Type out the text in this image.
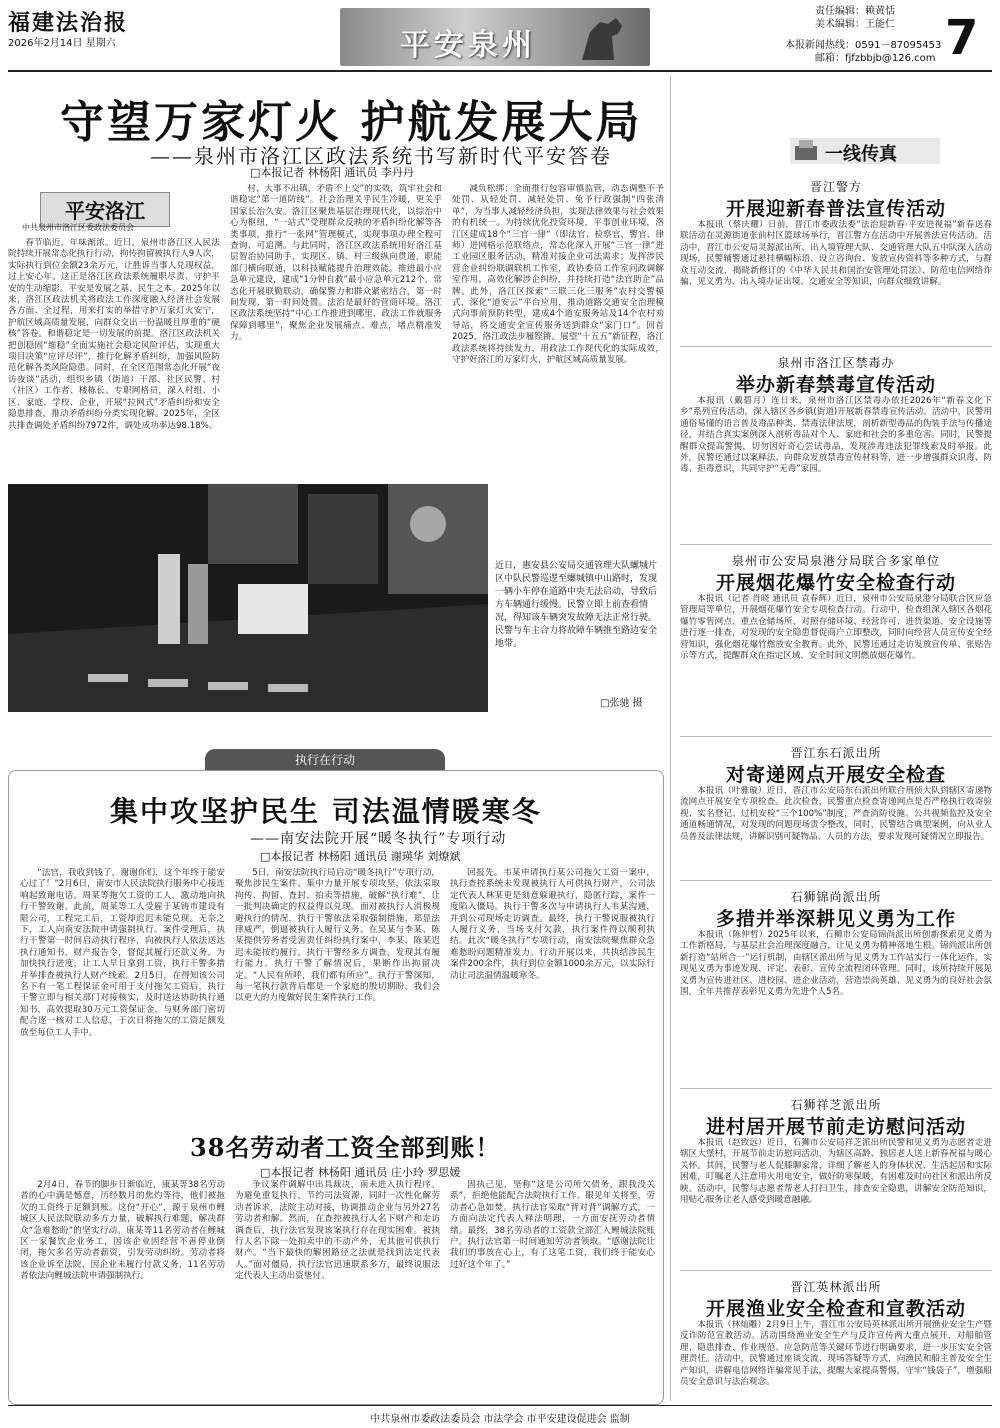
福建法治报
2026年2月14日 星期六	平安泉州
责任编辑：赖黄恬
美术编辑：王能仁
本报新闻热线：0591－87095453
邮箱：fjfzbbjb@126.com 7
守望万家灯火 护航发展大局
——泉州市洛江区政法系统书写新时代平安答卷
□本报记者 林杨阳 通讯员 李丹丹
平安洛江
中共泉州市洛江区委政法委员会

春节临近，年味渐浓。近日，泉州市洛江区人民法院持续开展常态化执行行动，拘传拘留被执行人9人次，实际执行到位金额23余万元，让胜诉当事人兑现权益，过上安心年。这正是洛江区政法系统履职尽责、守护平安的生动缩影。平安是发展之基、民生之本。2025年以来，洛江区政法机关将政法工作深度融入经济社会发展各方面、全过程，用来打实的举措守护万家灯火安宁，护航区域高质量发展，向群众交出一份温暖且厚重的“硬核”答卷。和谐稳定是一切发展的前提。洛江区政法机关把创稳固“维稳”全面实施社会稳定风险评估，实现重大项目决策“应评尽评”，推行化解矛盾纠纷，加强风险防范化解各类风险隐患。同时，在全区范围常态化开展“夜访夜谈”活动，组织乡镇（街道）干部、社区民警、村（社区）工作者、楼栋长、专职网格员，深入村组、小区、家庭、学校、企业，开展“拉网式”矛盾纠纷和安全隐患排查，推动矛盾纠纷分类实现化解。2025年，全区共排查调处矛盾纠纷7972件，调处成功率达98.18%。

村、大事不出镇，矛盾不上交”的实效，筑牢社会和谐稳定“第一道防线”。社会治理关乎民生冷暖，更关乎国家长治久安。洛江区聚焦基层治理现代化，以综治中心为枢纽，“一站式”受理群众反映的矛盾纠纷化解等各类事项，推行“一张网”管理模式，实现事项办理全程可查询、可追溯。与此同时，洛江区政法系统用好洛江基层智治协同助手，实现区、镇、村三级纵向贯通，职能部门横向联通，以科技赋能提升治理效能。推进最小应急单元建设，建成“1分钟自救”最小应急单元212个，常态化开展联勤联动，确保警力和群众紧密结合，第一时间发现、第一时间处置。法治是最好的营商环境。洛江区政法系统坚持“中心工作推进到哪里，政法工作就服务保障到哪里”，聚焦企业发展痛点、难点，堵点精准发力。

减负松绑；全面推行包容审慎监管，动态调整不予处罚、从轻处罚、减轻处罚、免予行政强制“四张清单”，为当事人减轻经济负担，实现法律效果与社会效果的有机统一。为持续优化投资环境，平事创业环境，洛江区建成18个“三官一律”（即法官、检察官、警官、律师）进网格示范联络点，常态化深入开展“三官一律”进工业园区服务活动，精准对接企业司法需求；发挥涉民营企业纠纷联调联机工作室，政协委员工作室问政调解室作用，高效化解涉企纠纷，并持续打造“法官助企”品牌。此外，洛江区探索“三联三化三服务”农村交警模式，深化“道安云”平台应用，推动道路交通安全治理模式向事前预防转型，建成4个道安服务站及14个农村劝导站，将交通安全宣传服务送到群众“家门口”。回首2025，洛江政法步履铿锵。展望“十五五”新征程，洛江政法系统将持续发力，用政法工作现代化的实际成效，守护好洛江的万家灯火，护航区域高质量发展。

近日，惠安县公安局交通管理大队螺城片区中队民警巡逻至螺城镇中山路时，发现一辆小车停在道路中央无法启动，导致后方车辆通行缓慢。民警立即上前查看情况，得知该车辆突发故障无法正常行驶。民警与车主合力将故障车辆推至路边安全地带。
□张驰 摄
执行在行动
集中攻坚护民生 司法温情暖寒冬
——南安法院开展“暖冬执行”专项行动
□本报记者 林杨阳 通讯员 谢瑛华 刘燎斌

“法官，我收到钱了，谢谢你们，这个年终于能安心过了！”2月6日，南安市人民法院执行服务中心接连响起致谢电话。周某等拖欠工资的工人，激动地向执行干警致谢。此前，周某等工人受雇于某铸市建设有限公司，工程完工后，工资却迟迟未能兑现。无奈之下，工人向南安法院申请强制执行。案件受理后，执行干警第一时间启动执行程序，向被执行人依法送达执行通知书，财产报告令，督促其履行还款义务。为加快执行进度，让工人早日拿到工资，执行干警多措并举排查被执行人财产线索。2月5日，在得知该公司名下有一笔工程保证金可用于支付拖欠工资后，执行干警立即与相关部门对接核实，及时送达协助执行通知书，高效提取30万元工资保证金，与财务部门密切配合逐一核对工人信息，于次日将拖欠的工资足额发放至每位工人手中。

5日，南安法院执行局启动“暖冬执行”专项行动，聚焦涉民生案件、集中力量开展专项攻坚，依法采取拘传、拘留、查封、拍卖等措施，破解“执行难”，让一批判决确定的权益得以兑现。面对被执行人消极规避执行的情况，执行干警依法采取强制措施，郑显法律威严，倒逼被执行人履行义务。在吴某与李某、陈某提供劳务者受害责任纠纷执行案中，李某、陈某迟迟未能按约履行。执行干警经多方调查，发现其有履行能力。执行干警了解情况后，果断作出拘留决定。“人民有所呼，我们都有所应”。执行干警深知，每一笔执行款背后都是一个家庭的殷切期盼，我们会以更大的力度做好民生案件执行工作。

回报先。韦某申请执行某公司拖欠工资一案中，执行查控系统未发现被执行人可供执行财产，公司法定代表人林某更是刻意躲避执行，隐匿行踪，案件一度陷入僵局。执行干警多次与申请执行人韦某沟通，并到公司现场走访调查。最终，执行干警说服被执行人履行义务，当场支付欠款，执行案件得以顺利执结。此次“暖冬执行”专项行动，南安法院聚焦群众急难愁盼问题精准发力。行动开展以来，共执结涉民生案件200余件，执行到位金额1000余万元，以实际行动让司法温情温暖寒冬。

38名劳动者工资全部到账！
□本报记者 林杨阳 通讯员 庄小玲 罗思媛

2月4日，春节的脚步日渐临近，康某等38名劳动者的心中满是憾意，历经数月的焦灼等待，他们被拖欠的工资终于足额到账。这份“开心”，源于泉州市鲤城区人民法院联动多方力量，破解执行难题，解决群众“急难愁盼”的坚实行动。康某等11名劳动者在鲤城区一家餐饮企业务工，因该企业因经营不善停业倒闭，拖欠多名劳动者薪资，引发劳动纠纷。劳动者将该企业诉至法院，因企业未履行付款义务，11名劳动者依法向鲤城法院申请强制执行。

争议案件调解中出具裁决，南未进入执行程序。为避免重复执行，节约司法资源，同时一次性化解劳动者诉求，法院主动对接，协调推动企业与另外27名劳动者和解。然而，在查控被执行人名下财产和走访调查后，执行法官发现该案执行存在现实困难。被执行人名下除一处拍卖中的不动产外，无其他可供执行财产。“当下最快的解困路径之法就是找到法定代表人。”面对僵局，执行法官迅速联系多方，最终说服法定代表人主动出资垫付。

固执己见，坚称“这是公司所欠债务，跟我没关系”，拒绝他能配合法院执行工作。眼见年关将至，劳动者心急如焚。执行法官采取“背对背”调解方式，一方面向法定代表人释法明理，一方面安抚劳动者情绪。最终，38名劳动者的工资款全部汇入鲤城法院账户，执行法官第一时间通知劳动者领取。“感谢法院让我们的事放在心上，有了这笔工资，我们终于能安心过好这个年了。”

一线传真
晋江警方
开展迎新春普法宣传活动

本报讯（蔡庆耀）日前，晋江市委政法委“法治迎新春·平安进视福”新春送春联活动在灵源街道张前村区篮球场举行，晋江警方在活动中开展普法宣传活动。活动中，晋江市公安局灵源派出所、出入境管理大队、交通管理大队五中队深入活动现场，民警辅警通过悬挂横幅标语、设立咨询台、发放宣传资料等多种方式，与群众互动交流，揭晓新修订的《中华人民共和国治安管理处罚法》、防范电信网络诈骗、见义勇为、出入境办证出境、交通安全等知识，向群众细致讲解。

泉州市洛江区禁毒办
举办新春禁毒宣传活动

本报讯（戴碧月）连日来，泉州市洛江区禁毒办依托2026年“新春文化下乡”系列宣传活动，深入辖区各乡镇(街道)开展新春禁毒宣传活动。活动中，民警用通俗易懂的语言普及毒品种类、禁毒法律法规，剖析新型毒品的伪装手法与传播途径，并结合真实案例深入剖析毒品对个人、家庭和社会的多重危害。同时，民警提醒群众提高警惕，切勿因好奇心尝试毒品，发现涉毒违法犯罪线索及时举报。此外，民警还通过以案释法、向群众发放禁毒宣传材料等，进一步增强群众识毒、防毒、拒毒意识，共同守护“无毒”家园。

泉州市公安局泉港分局联合多家单位
开展烟花爆竹安全检查行动

本报讯（记者 肖晓 通讯员 袁春辉）近日，泉州市公安局泉港分局联合区应急管理局等单位，开展烟花爆竹安全专项检查行动。行动中，检查组深入辖区各烟花爆竹零售网点、重点仓储场所，对照存储环境、经营许可、进货渠道、安全设施等进行逐一排查，对发现的安全隐患督促商户立即整改，同时向经营人员宣传安全经营知识，强化烟花爆竹燃放安全教育。此外，民警还通过走访发放宣传单、张贴告示等方式，提醒群众在指定区域、安全时间文明燃放烟花爆竹。

晋江东石派出所
对寄递网点开展安全检查

本报讯（叶雅璇）近日，晋江市公安局东石派出所联合刑侦大队到辖区寄递物流网点开展安全专项检查。此次检查，民警重点检查寄递网点是否严格执行收寄验视、实名登记、过机安检“三个100%”制度，严查消防设施、公共视频监控及安全通道畅通情况，对发现的问题现场责令整改，同时，民警结合典型案例，向从业人员普及法律法规，讲解识别可疑物品、人员的方法，要求发现可疑情况立即报告。

石狮锦尚派出所
多措并举深耕见义勇为工作

本报讯（陈仲哲）2025年以来，石狮市公安局锦尚派出所创新探索见义勇为工作新格局，与基层社会治理深度融合，让见义勇为精神落地生根。锦尚派出所创新打造“站所合一”运行机制，由辖区派出所与见义勇为工作站实行一体化运作，实现见义勇为事迹发现、评定、表彰、宣传全流程闭环管理。同时，该所持续开展见义勇为宣传进社区、进校园、进企业活动，营造崇尚英雄、见义勇为的良好社会氛围，全年共推荐表彰见义勇为先进个人5名。

石狮祥芝派出所
进村居开展节前走访慰问活动

本报讯（赵致远）近日，石狮市公安局祥芝派出所民警和见义勇为志愿者走进辖区大堡村，开展节前走访慰问活动，为辖区高龄、独居老人送上新春祝福与暖心关怀。其间，民警与老人促膝聊家常，详细了解老人的身体状况、生活起居和实际困难，叮嘱老人注意用火用电安全，做好防寒保暖，有困难及时向社区和派出所反映。活动中，民警与志愿者帮老人打扫卫生，排查安全隐患，讲解安全防范知识，用贴心服务让老人感受到暖意融融。

晋江英林派出所
开展渔业安全检查和宣教活动

本报讯（林灿雕）2月9日上午，晋江市公安局英林派出所开展渔业安全生产暨反诈防范宣教活动。活动围绕渔业安全生产与反诈宣传两大重点展开，对船舶管理、隐患排查、作业规范、应急防范等关键环节进行明确要求，进一步压实安全管理责任。活动中，民警通过座谈交流、现场答疑等方式，向渔民和船主普及安全生产知识，讲解电信网络诈骗常见手法，提醒大家提高警惕，守牢“钱袋子”，增强船员安全意识与法治观念。

中共泉州市委政法委员会 市法学会 市平安建设促进会 监制
